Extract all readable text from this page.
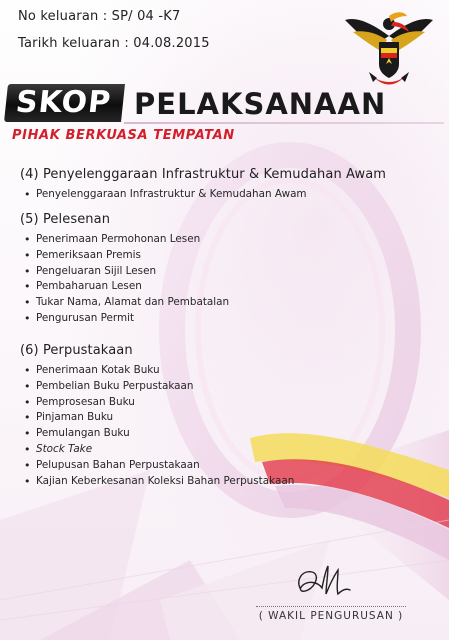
No keluaran : SP/ 04 -K7
Tarikh keluaran : 04.08.2015
SKOP PELAKSANAAN
PIHAK BERKUASA TEMPATAN
(4) Penyelenggaraan Infrastruktur & Kemudahan Awam
• Penyelenggaraan Infrastruktur & Kemudahan Awam
(5) Pelesenan
• Penerimaan Permohonan Lesen
• Pemeriksaan Premis
• Pengeluaran Sijil Lesen
• Pembaharuan Lesen
• Tukar Nama, Alamat dan Pembatalan
• Pengurusan Permit
(6) Perpustakaan
• Penerimaan Kotak Buku
• Pembelian Buku Perpustakaan
• Pemprosesan Buku
• Pinjaman Buku
• Pemulangan Buku
• Stock Take
• Pelupusan Bahan Perpustakaan
• Kajian Keberkesanan Koleksi Bahan Perpustakaan
( WAKIL PENGURUSAN )
